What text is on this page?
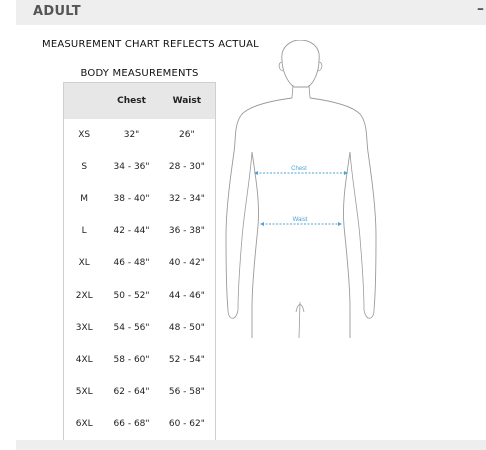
ADULT	–
MEASUREMENT CHART REFLECTS ACTUAL
BODY MEASUREMENTS
	Chest	Waist
XS	32"	26"
S	34 - 36"	28 - 30"
M	38 - 40"	32 - 34"
L	42 - 44"	36 - 38"
XL	46 - 48"	40 - 42"
2XL	50 - 52"	44 - 46"
3XL	54 - 56"	48 - 50"
4XL	58 - 60"	52 - 54"
5XL	62 - 64"	56 - 58"
6XL	66 - 68"	60 - 62"
Chest
Waist
